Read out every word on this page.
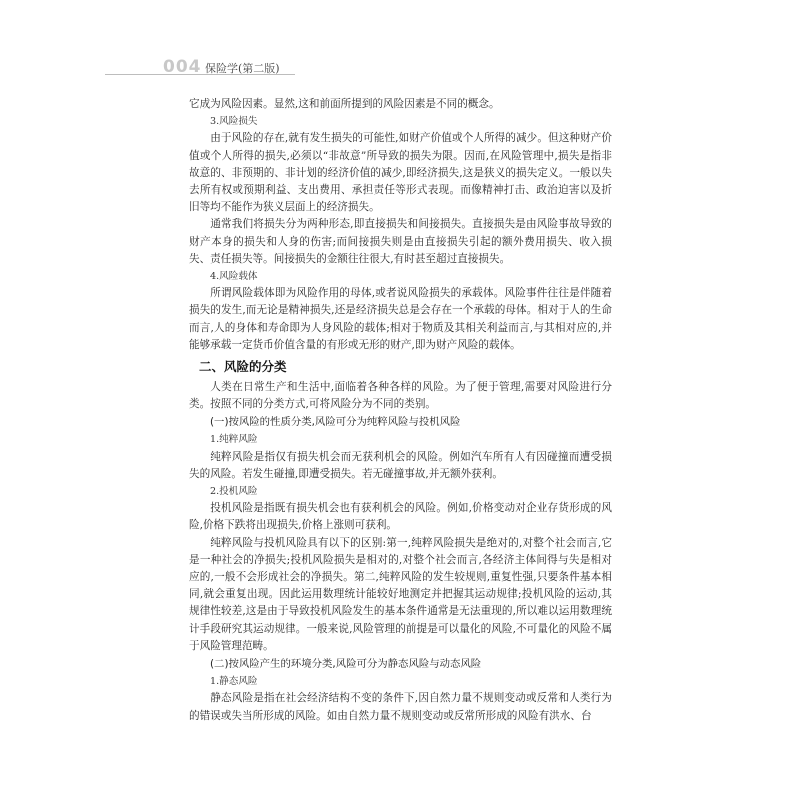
004 保险学(第二版)

它成为风险因素。显然,这和前面所提到的风险因素是不同的概念。

3.风险损失

由于风险的存在,就有发生损失的可能性,如财产价值或个人所得的减少。但这种财产价值或个人所得的损失,必须以“非故意”所导致的损失为限。因而,在风险管理中,损失是指非故意的、非预期的、非计划的经济价值的减少,即经济损失,这是狭义的损失定义。一般以失去所有权或预期利益、支出费用、承担责任等形式表现。而像精神打击、政治迫害以及折旧等均不能作为狭义层面上的经济损失。

通常我们将损失分为两种形态,即直接损失和间接损失。直接损失是由风险事故导致的财产本身的损失和人身的伤害;而间接损失则是由直接损失引起的额外费用损失、收入损失、责任损失等。间接损失的金额往往很大,有时甚至超过直接损失。

4.风险载体

所谓风险载体即为风险作用的母体,或者说风险损失的承载体。风险事件往往是伴随着损失的发生,而无论是精神损失,还是经济损失总是会存在一个承载的母体。相对于人的生命而言,人的身体和寿命即为人身风险的载体;相对于物质及其相关利益而言,与其相对应的,并能够承载一定货币价值含量的有形或无形的财产,即为财产风险的载体。

二、风险的分类

人类在日常生产和生活中,面临着各种各样的风险。为了便于管理,需要对风险进行分类。按照不同的分类方式,可将风险分为不同的类别。

(一)按风险的性质分类,风险可分为纯粹风险与投机风险

1.纯粹风险

纯粹风险是指仅有损失机会而无获利机会的风险。例如汽车所有人有因碰撞而遭受损失的风险。若发生碰撞,即遭受损失。若无碰撞事故,并无额外获利。

2.投机风险

投机风险是指既有损失机会也有获利机会的风险。例如,价格变动对企业存货形成的风险,价格下跌将出现损失,价格上涨则可获利。

纯粹风险与投机风险具有以下的区别:第一,纯粹风险损失是绝对的,对整个社会而言,它是一种社会的净损失;投机风险损失是相对的,对整个社会而言,各经济主体间得与失是相对应的,一般不会形成社会的净损失。第二,纯粹风险的发生较规则,重复性强,只要条件基本相同,就会重复出现。因此运用数理统计能较好地测定并把握其运动规律;投机风险的运动,其规律性较差,这是由于导致投机风险发生的基本条件通常是无法重现的,所以难以运用数理统计手段研究其运动规律。一般来说,风险管理的前提是可以量化的风险,不可量化的风险不属于风险管理范畴。

(二)按风险产生的环境分类,风险可分为静态风险与动态风险

1.静态风险

静态风险是指在社会经济结构不变的条件下,因自然力量不规则变动或反常和人类行为的错误或失当所形成的风险。如由自然力量不规则变动或反常所形成的风险有洪水、台
